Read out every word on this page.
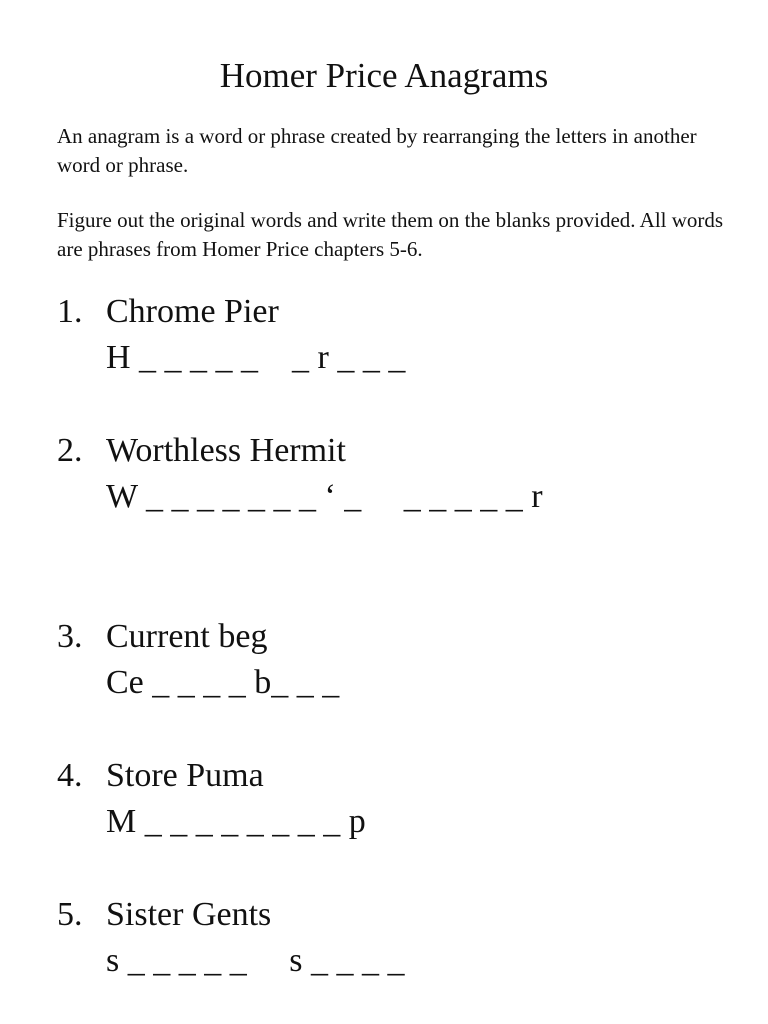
Homer Price Anagrams

An anagram is a word or phrase created by rearranging the letters in another word or phrase.

Figure out the original words and write them on the blanks provided. All words are phrases from Homer Price chapters 5-6.

1. Chrome Pier
H _ _ _ _ _    _ r _ _ _
2. Worthless Hermit
W _ _ _ _ _ _ _ ‘ _     _ _ _ _ _ r
3. Current beg
Ce _ _ _ _ b_ _ _
4. Store Puma
M _ _ _ _ _ _ _ _ p
5. Sister Gents
s _ _ _ _ _     s _ _ _ _
